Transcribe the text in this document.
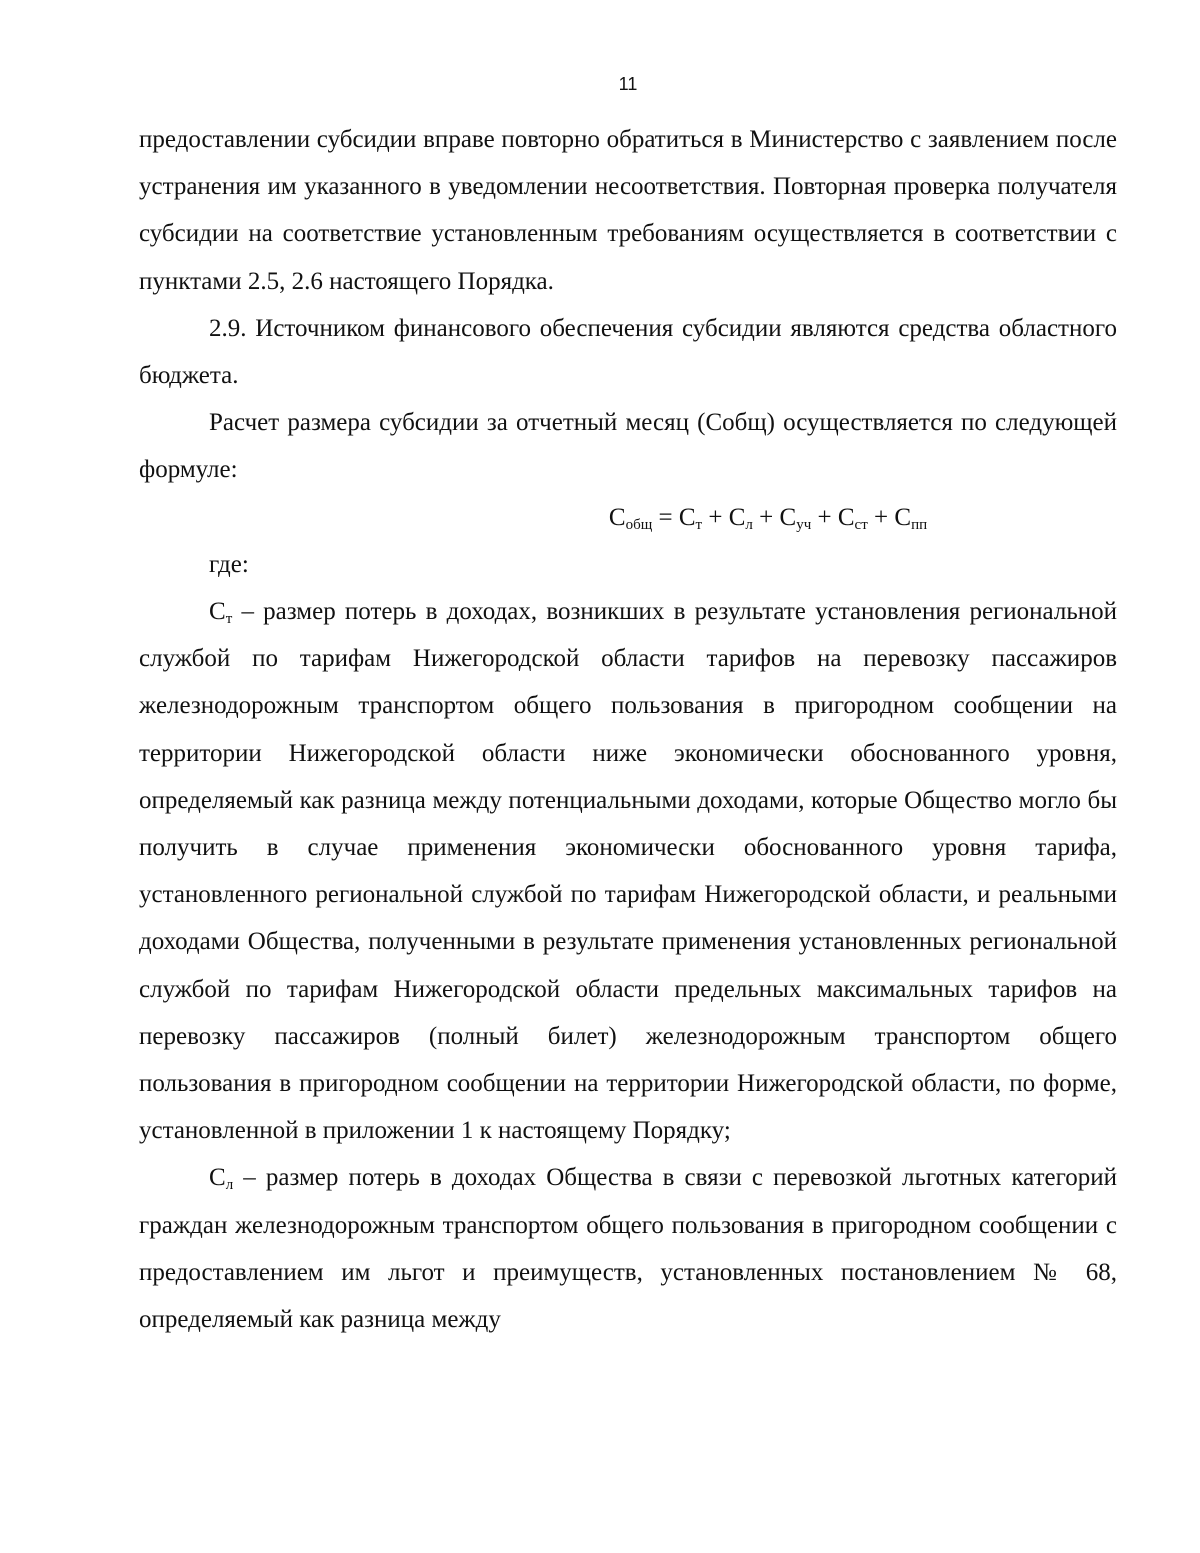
11

предоставлении субсидии вправе повторно обратиться в Министерство с заявлением после устранения им указанного в уведомлении несоответствия. Повторная проверка получателя субсидии на соответствие установленным требованиям осуществляется в соответствии с пунктами 2.5, 2.6 настоящего Порядка.

2.9. Источником финансового обеспечения субсидии являются средства областного бюджета.

Расчет размера субсидии за отчетный месяц (Cобщ) осуществляется по следующей формуле:

$С_{общ} = С_т + С_л + С_{уч} + С_{ст} + С_{пп}$

где:

$С_т$ – размер потерь в доходах, возникших в результате установления региональной службой по тарифам Нижегородской области тарифов на перевозку пассажиров железнодорожным транспортом общего пользования в пригородном сообщении на территории Нижегородской области ниже экономически обоснованного уровня, определяемый как разница между потенциальными доходами, которые Общество могло бы получить в случае применения экономически обоснованного уровня тарифа, установленного региональной службой по тарифам Нижегородской области, и реальными доходами Общества, полученными в результате применения установленных региональной службой по тарифам Нижегородской области предельных максимальных тарифов на перевозку пассажиров (полный билет) железнодорожным транспортом общего пользования в пригородном сообщении на территории Нижегородской области, по форме, установленной в приложении 1 к настоящему Порядку;

$С_л$ – размер потерь в доходах Общества в связи с перевозкой льготных категорий граждан железнодорожным транспортом общего пользования в пригородном сообщении с предоставлением им льгот и преимуществ, установленных постановлением № 68, определяемый как разница между
